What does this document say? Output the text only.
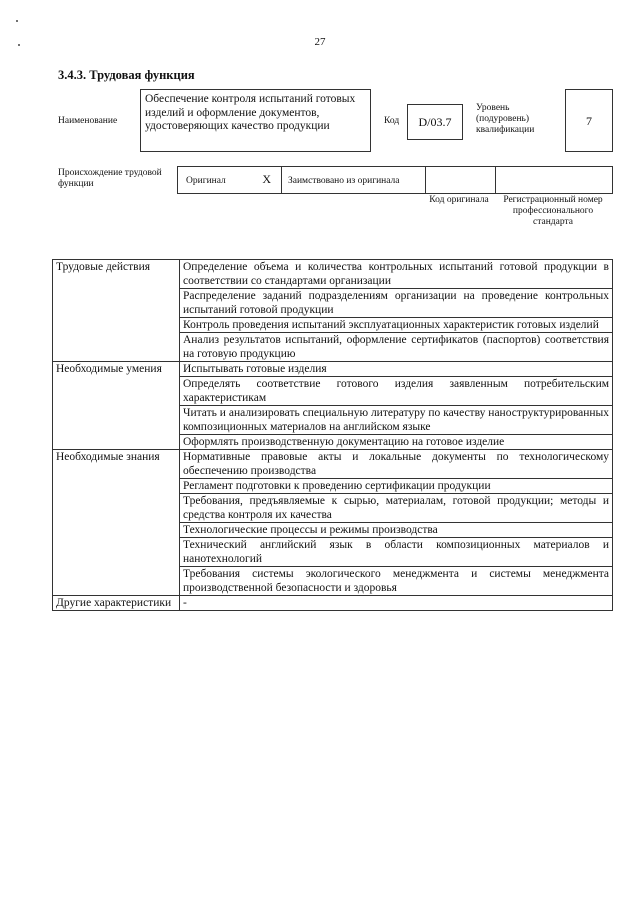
27
3.4.3. Трудовая функция
Наименование
Обеспечение контроля испытаний готовых изделий и оформление документов, удостоверяющих качество продукции	Код	D/03.7
Уровень (подуровень) квалификации
7
Происхождение трудовой функции	Оригинал	X	Заимствовано из оригинала
Код оригинала	Регистрационный номер профессионального стандарта
Трудовые действия	Определение объема и количества контрольных испытаний готовой продукции в соответствии со стандартами организации
	Распределение заданий подразделениям организации на проведение контрольных испытаний готовой продукции
	Контроль проведения испытаний эксплуатационных характеристик готовых изделий
	Анализ результатов испытаний, оформление сертификатов (паспортов) соответствия на готовую продукцию
Необходимые умения	Испытывать готовые изделия
	Определять соответствие готового изделия заявленным потребительским характеристикам
	Читать и анализировать специальную литературу по качеству наноструктурированных композиционных материалов на английском языке
	Оформлять производственную документацию на готовое изделие
Необходимые знания	Нормативные правовые акты и локальные документы по технологическому обеспечению производства
	Регламент подготовки к проведению сертификации продукции
	Требования, предъявляемые к сырью, материалам, готовой продукции; методы и средства контроля их качества
	Технологические процессы и режимы производства
	Технический английский язык в области композиционных материалов и нанотехнологий
	Требования системы экологического менеджмента и системы менеджмента производственной безопасности и здоровья
Другие характеристики	-
